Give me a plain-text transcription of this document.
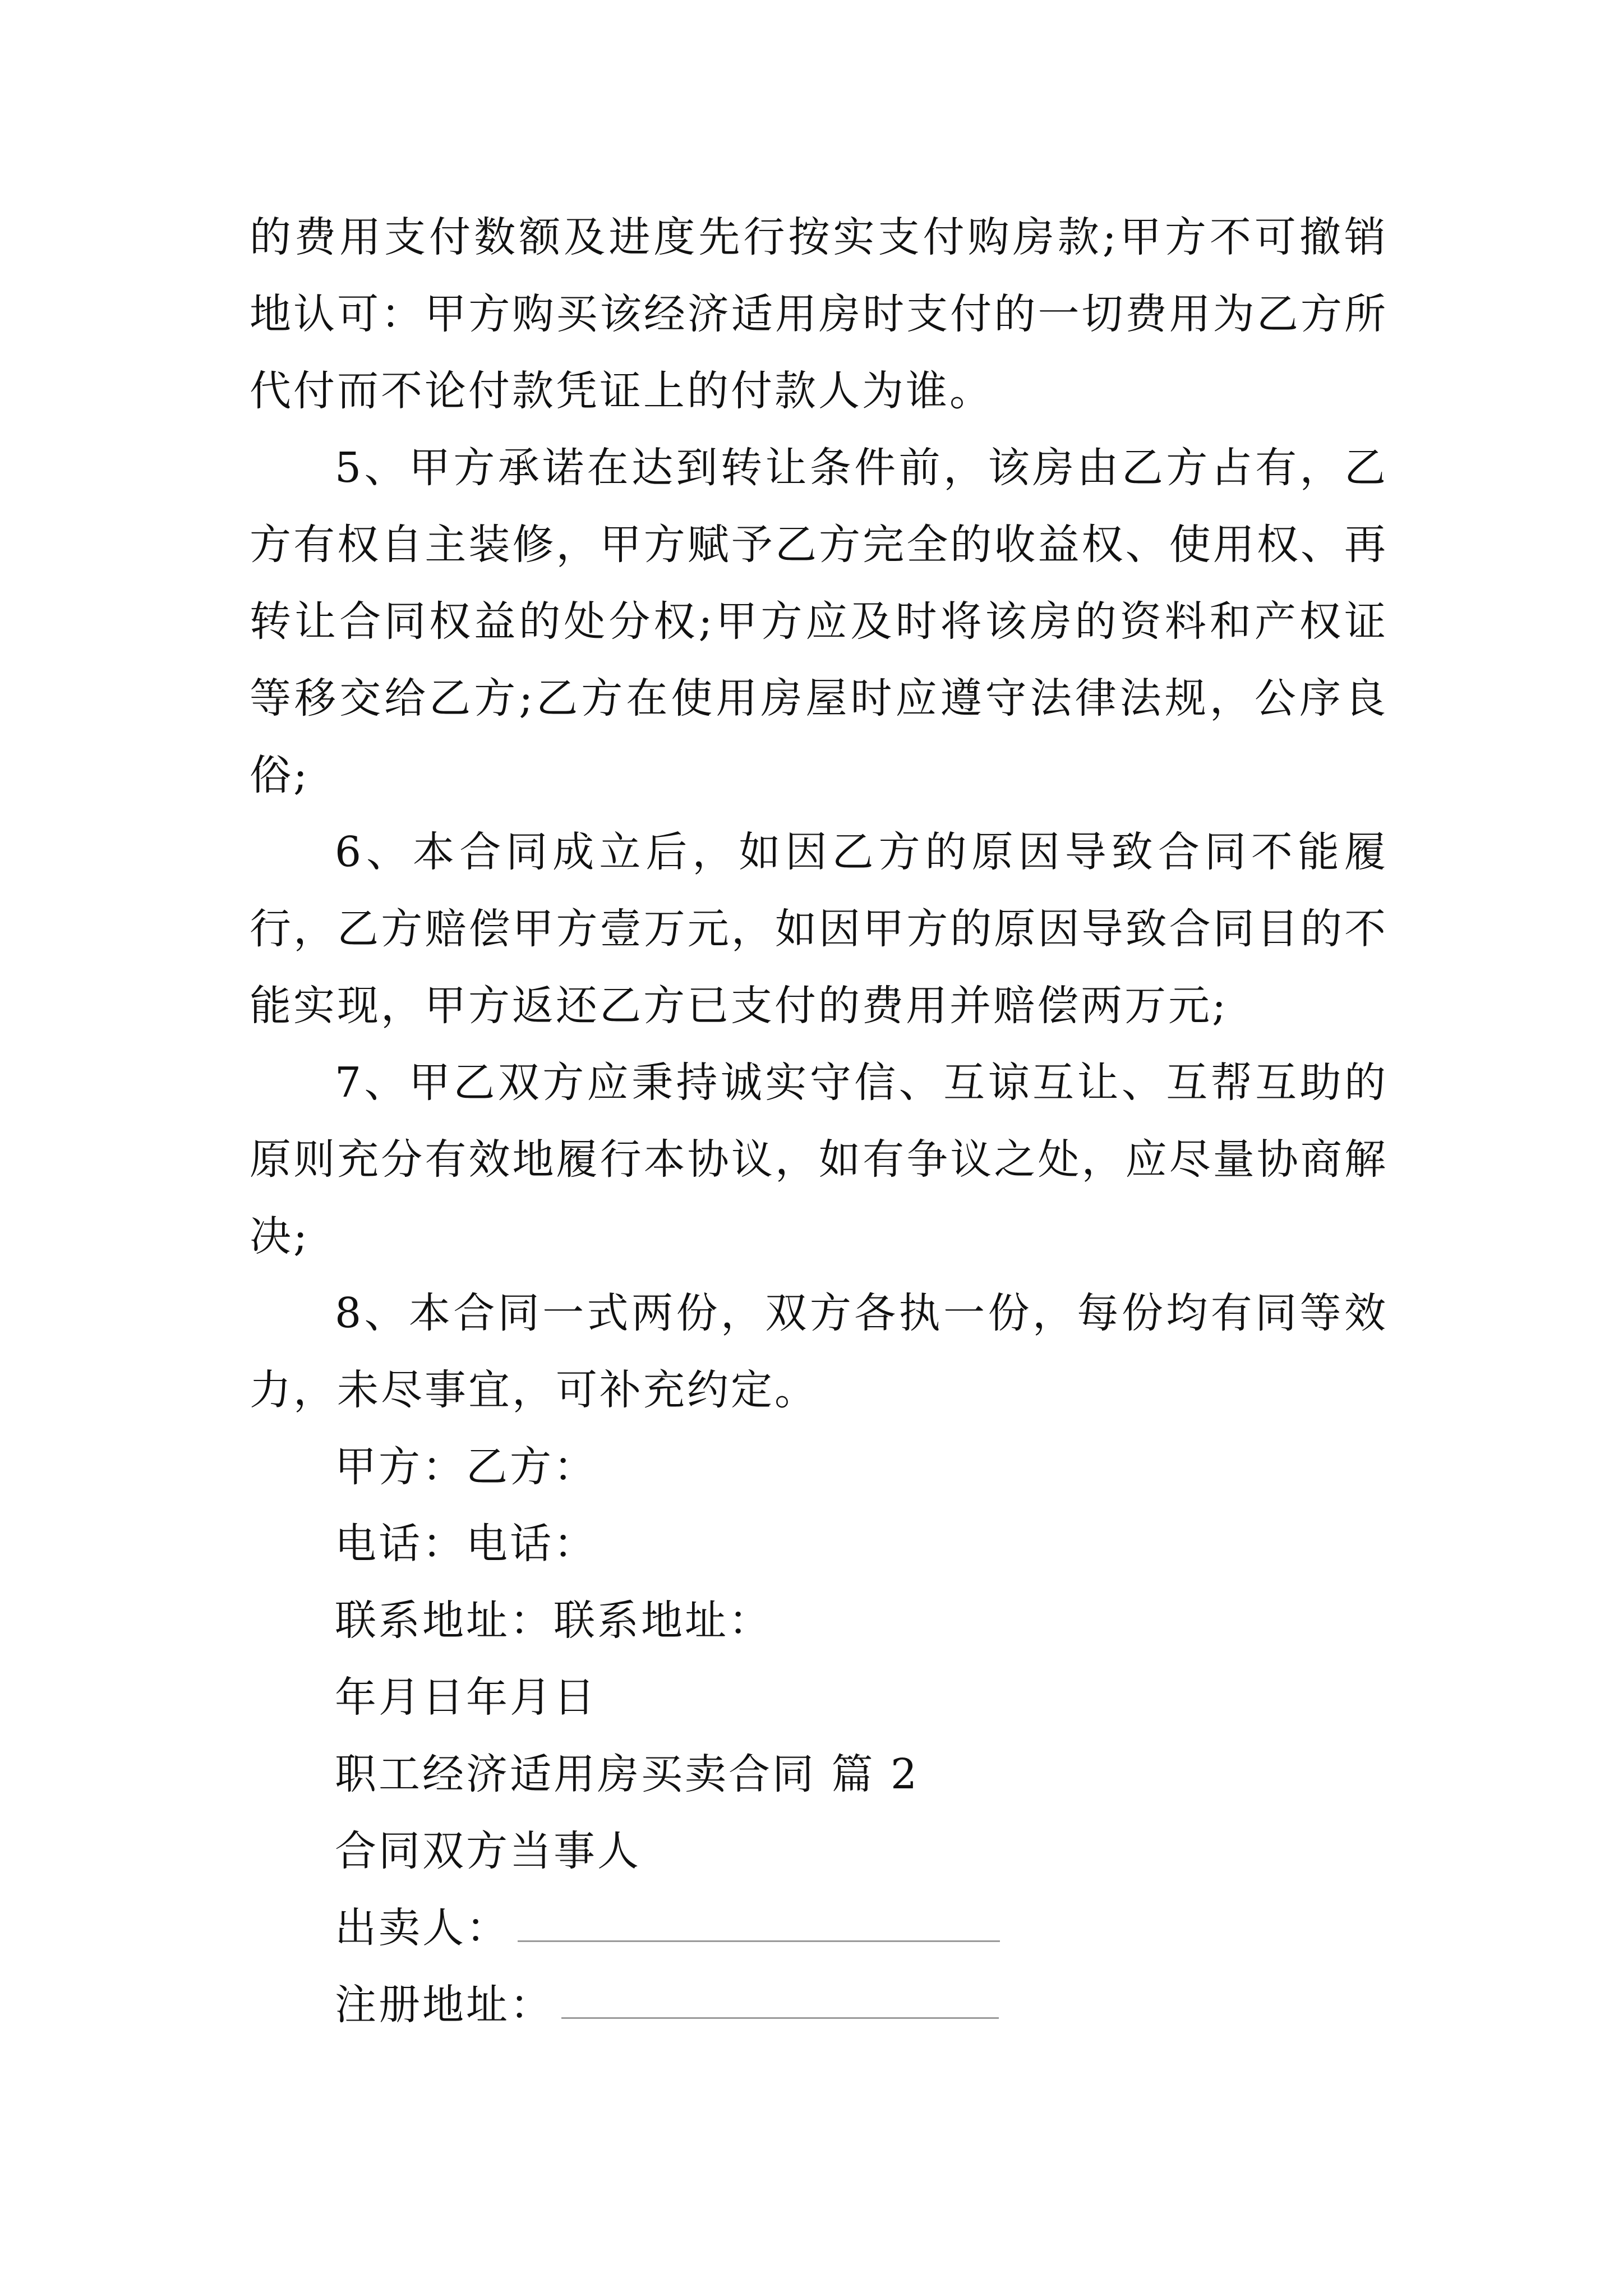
的费用支付数额及进度先行按实支付购房款;甲方不可撤销地认可：甲方购买该经济适用房时支付的一切费用为乙方所代付而不论付款凭证上的付款人为谁。

5、甲方承诺在达到转让条件前，该房由乙方占有，乙方有权自主装修，甲方赋予乙方完全的收益权、使用权、再转让合同权益的处分权;甲方应及时将该房的资料和产权证等移交给乙方;乙方在使用房屋时应遵守法律法规，公序良俗;

6、本合同成立后，如因乙方的原因导致合同不能履行，乙方赔偿甲方壹万元，如因甲方的原因导致合同目的不能实现，甲方返还乙方已支付的费用并赔偿两万元;

7、甲乙双方应秉持诚实守信、互谅互让、互帮互助的原则充分有效地履行本协议，如有争议之处，应尽量协商解决;

8、本合同一式两份，双方各执一份，每份均有同等效力，未尽事宜，可补充约定。

甲方：乙方：

电话：电话：

联系地址：联系地址：

年月日年月日

职工经济适用房买卖合同 篇 2

合同双方当事人

出卖人：

注册地址：
